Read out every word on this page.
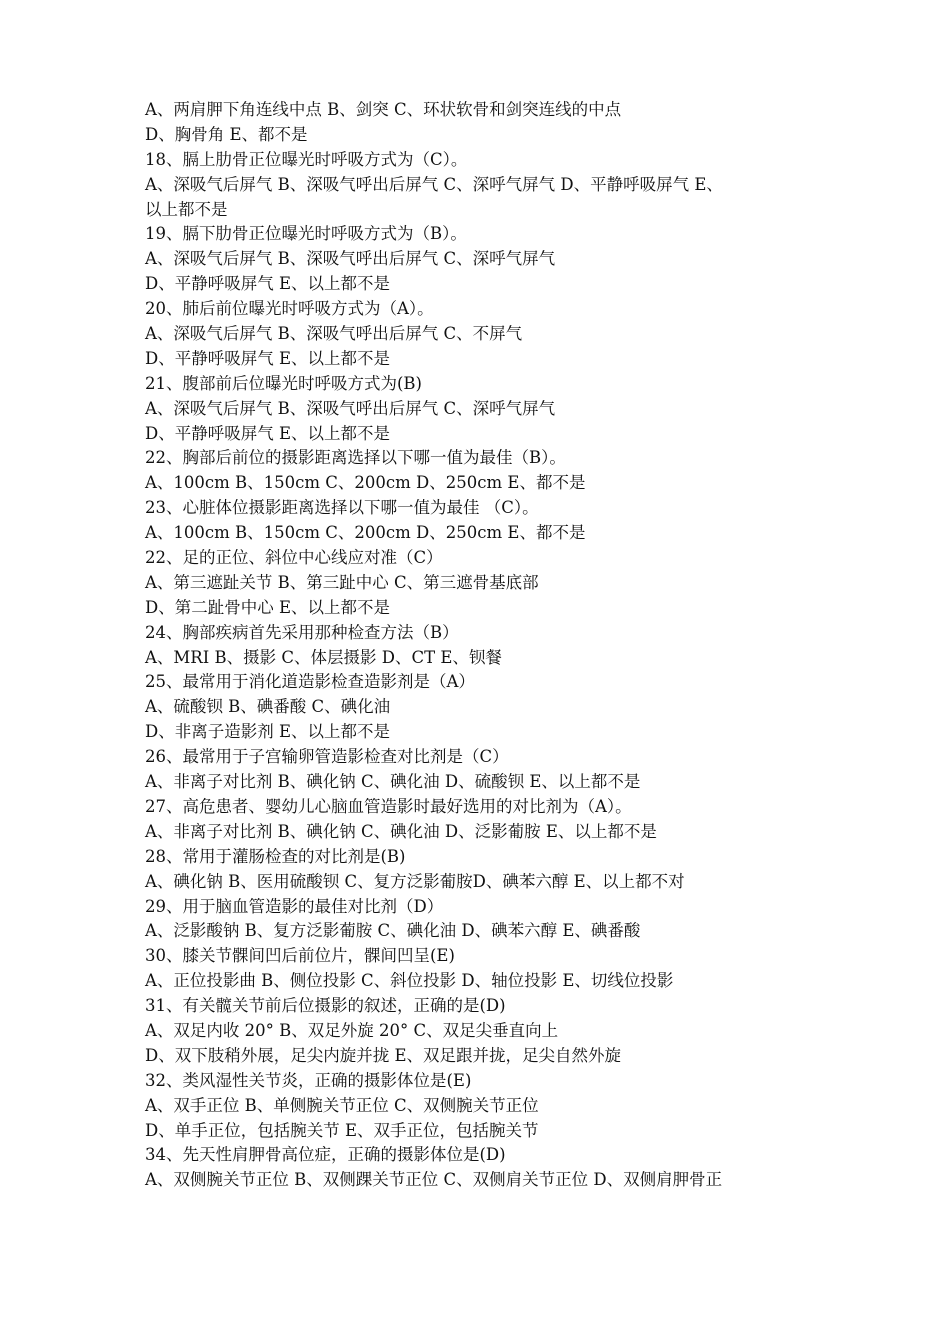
A、两肩胛下角连线中点 B、剑突 C、环状软骨和剑突连线的中点
D、胸骨角 E、都不是
18、膈上肋骨正位曝光时呼吸方式为（C）。
A、深吸气后屏气 B、深吸气呼出后屏气 C、深呼气屏气 D、平静呼吸屏气 E、
以上都不是
19、膈下肋骨正位曝光时呼吸方式为（B）。
A、深吸气后屏气 B、深吸气呼出后屏气 C、深呼气屏气
D、平静呼吸屏气 E、以上都不是
20、肺后前位曝光时呼吸方式为（A）。
A、深吸气后屏气 B、深吸气呼出后屏气 C、不屏气
D、平静呼吸屏气 E、以上都不是
21、腹部前后位曝光时呼吸方式为(B)
A、深吸气后屏气 B、深吸气呼出后屏气 C、深呼气屏气
D、平静呼吸屏气 E、以上都不是
22、胸部后前位的摄影距离选择以下哪一值为最佳（B）。
A、100cm B、150cm C、200cm D、250cm E、都不是
23、心脏体位摄影距离选择以下哪一值为最佳 （C）。
A、100cm B、150cm C、200cm D、250cm E、都不是
22、足的正位、斜位中心线应对准（C）
A、第三遮趾关节 B、第三趾中心 C、第三遮骨基底部
D、第二趾骨中心 E、以上都不是
24、胸部疾病首先采用那种检查方法（B）
A、MRI B、摄影 C、体层摄影 D、CT E、钡餐
25、最常用于消化道造影检查造影剂是（A）
A、硫酸钡 B、碘番酸 C、碘化油
D、非离子造影剂 E、以上都不是
26、最常用于子宫输卵管造影检查对比剂是（C）
A、非离子对比剂 B、碘化钠 C、碘化油 D、硫酸钡 E、以上都不是
27、高危患者、婴幼儿心脑血管造影时最好选用的对比剂为（A）。
A、非离子对比剂 B、碘化钠 C、碘化油 D、泛影葡胺 E、以上都不是
28、常用于灌肠检查的对比剂是(B)
A、碘化钠 B、医用硫酸钡 C、复方泛影葡胺D、碘苯六醇 E、以上都不对
29、用于脑血管造影的最佳对比剂（D）
A、泛影酸钠 B、复方泛影葡胺 C、碘化油 D、碘苯六醇 E、碘番酸
30、膝关节髁间凹后前位片，髁间凹呈(E)
A、正位投影曲 B、侧位投影 C、斜位投影 D、轴位投影 E、切线位投影
31、有关髋关节前后位摄影的叙述，正确的是(D)
A、双足内收 20° B、双足外旋 20° C、双足尖垂直向上
D、双下肢稍外展，足尖内旋并拢 E、双足跟并拢，足尖自然外旋
32、类风湿性关节炎，正确的摄影体位是(E)
A、双手正位 B、单侧腕关节正位 C、双侧腕关节正位
D、单手正位，包括腕关节 E、双手正位，包括腕关节
34、先天性肩胛骨高位症，正确的摄影体位是(D)
A、双侧腕关节正位 B、双侧踝关节正位 C、双侧肩关节正位 D、双侧肩胛骨正
